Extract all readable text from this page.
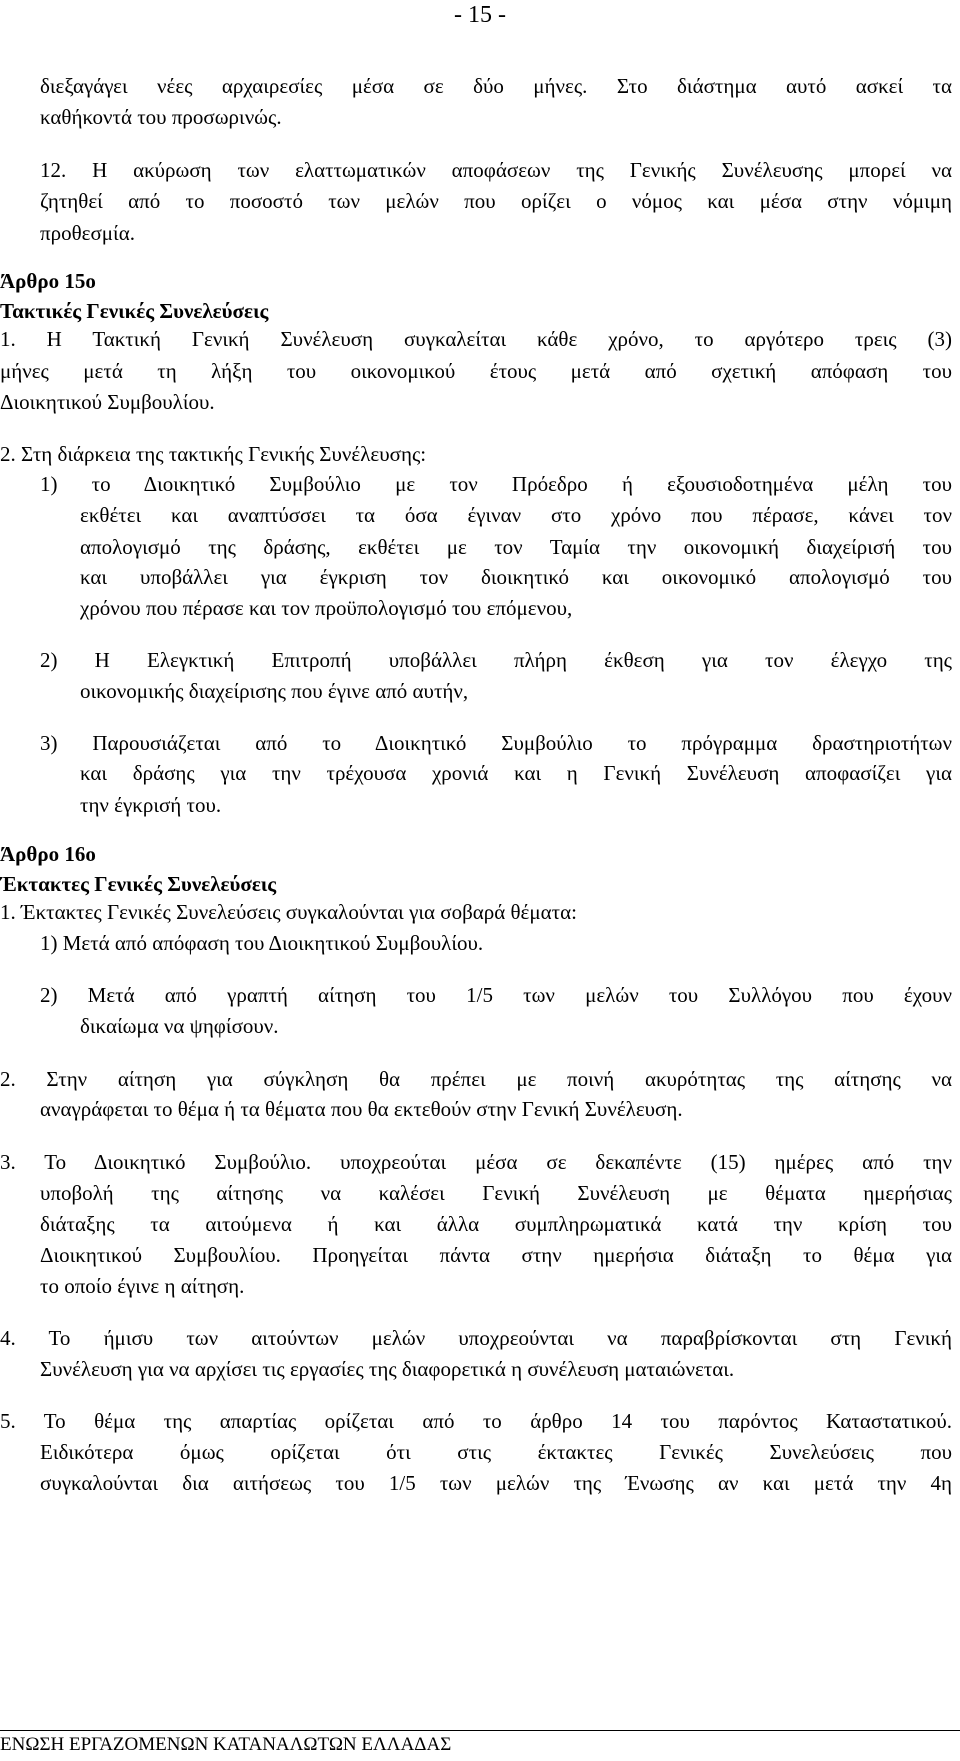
- 15 -
διεξαγάγει νέες αρχαιρεσίες μέσα σε δύο μήνες. Στο διάστημα αυτό ασκεί τα
καθήκοντά του προσωρινώς.
12. Η ακύρωση των ελαττωματικών αποφάσεων της Γενικής Συνέλευσης μπορεί να
ζητηθεί από το ποσοστό των μελών που ορίζει ο νόμος και μέσα στην νόμιμη
προθεσμία.
Άρθρο 15ο
Τακτικές Γενικές Συνελεύσεις
1. Η Τακτική Γενική Συνέλευση συγκαλείται κάθε χρόνο, το αργότερο τρεις (3)
μήνες μετά τη λήξη του οικονομικού έτους μετά από σχετική απόφαση του
Διοικητικού Συμβουλίου.
2. Στη διάρκεια της τακτικής Γενικής Συνέλευσης:
1) το Διοικητικό Συμβούλιο με τον Πρόεδρο ή εξουσιοδοτημένα μέλη του
εκθέτει και αναπτύσσει τα όσα έγιναν στο χρόνο που πέρασε, κάνει τον
απολογισμό της δράσης, εκθέτει με τον Ταμία την οικονομική διαχείρισή του
και υποβάλλει για έγκριση τον διοικητικό και οικονομικό απολογισμό του
χρόνου που πέρασε και τον προϋπολογισμό του επόμενου,
2) Η Ελεγκτική Επιτροπή υποβάλλει πλήρη έκθεση για τον έλεγχο της
οικονομικής διαχείρισης που έγινε από αυτήν,
3) Παρουσιάζεται από το Διοικητικό Συμβούλιο το πρόγραμμα δραστηριοτήτων
και δράσης για την τρέχουσα χρονιά και η Γενική Συνέλευση αποφασίζει για
την έγκρισή του.
Άρθρο 16ο
Έκτακτες Γενικές Συνελεύσεις
1. Έκτακτες Γενικές Συνελεύσεις συγκαλούνται για σοβαρά θέματα:
1) Μετά από απόφαση του Διοικητικού Συμβουλίου.
2) Μετά από γραπτή αίτηση του 1/5 των μελών του Συλλόγου που έχουν
δικαίωμα να ψηφίσουν.
2. Στην αίτηση για σύγκληση θα πρέπει με ποινή ακυρότητας της αίτησης να
αναγράφεται το θέμα ή τα θέματα που θα εκτεθούν στην Γενική Συνέλευση.
3. Το Διοικητικό Συμβούλιο. υποχρεούται μέσα σε δεκαπέντε (15) ημέρες από την
υποβολή της αίτησης να καλέσει Γενική Συνέλευση με θέματα ημερήσιας
διάταξης τα αιτούμενα ή και άλλα συμπληρωματικά κατά την κρίση του
Διοικητικού Συμβουλίου. Προηγείται πάντα στην ημερήσια διάταξη το θέμα για
το οποίο έγινε η αίτηση.
4. Το ήμισυ των αιτούντων μελών υποχρεούνται να παραβρίσκονται στη Γενική
Συνέλευση για να αρχίσει τις εργασίες της διαφορετικά η συνέλευση ματαιώνεται.
5. Το θέμα της απαρτίας ορίζεται από το άρθρο 14 του παρόντος Καταστατικού.
Ειδικότερα όμως ορίζεται ότι στις έκτακτες Γενικές Συνελεύσεις που
συγκαλούνται δια αιτήσεως του 1/5 των μελών της Ένωσης αν και μετά την 4η
ΕΝΩΣΗ ΕΡΓΑΖΟΜΕΝΩΝ ΚΑΤΑΝΑΛΩΤΩΝ ΕΛΛΑΔΑΣ
